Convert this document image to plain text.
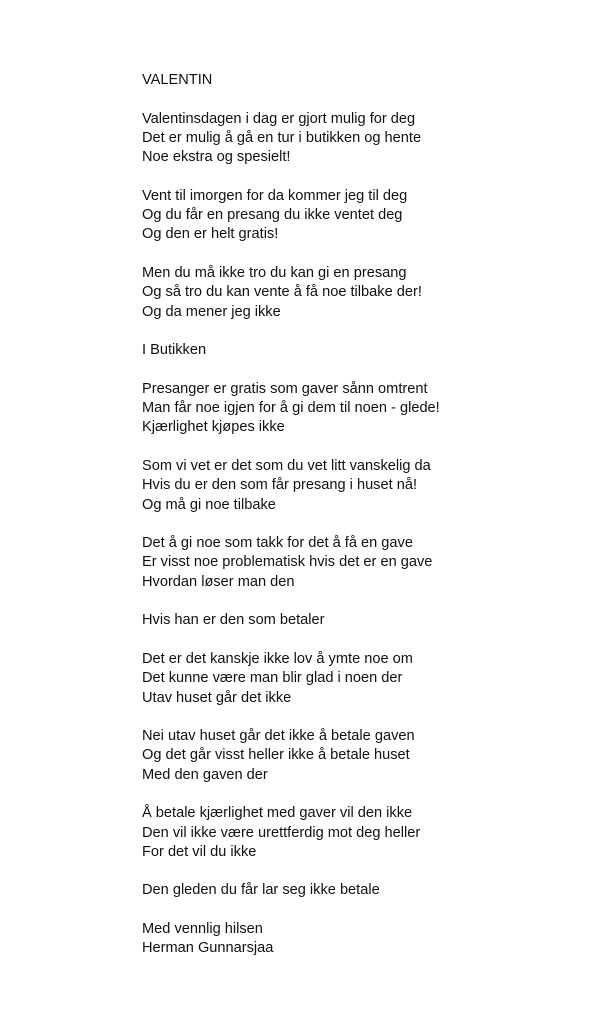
VALENTIN
Valentinsdagen i dag er gjort mulig for deg
Det er mulig å gå en tur i butikken og hente
Noe ekstra og spesielt!
Vent til imorgen for da kommer jeg til deg
Og du får en presang du ikke ventet deg
Og den er helt gratis!
Men du må ikke tro du kan gi en presang
Og så tro du kan vente å få noe tilbake der!
Og da mener jeg ikke
I Butikken
Presanger er gratis som gaver sånn omtrent
Man får noe igjen for å gi dem til noen - glede!
Kjærlighet kjøpes ikke
Som vi vet er det som du vet litt vanskelig da
Hvis du er den som får presang i huset nå!
Og må gi noe tilbake
Det å gi noe som takk for det å få en gave
Er visst noe problematisk hvis det er en gave
Hvordan løser man den
Hvis han er den som betaler
Det er det kanskje ikke lov å ymte noe om
Det kunne være man blir glad i noen der
Utav huset går det ikke
Nei utav huset går det ikke å betale gaven
Og det går visst heller ikke å betale huset
Med den gaven der
Å betale kjærlighet med gaver vil den ikke
Den vil ikke være urettferdig mot deg heller
For det vil du ikke
Den gleden du får lar seg ikke betale
Med vennlig hilsen
Herman Gunnarsjaa
